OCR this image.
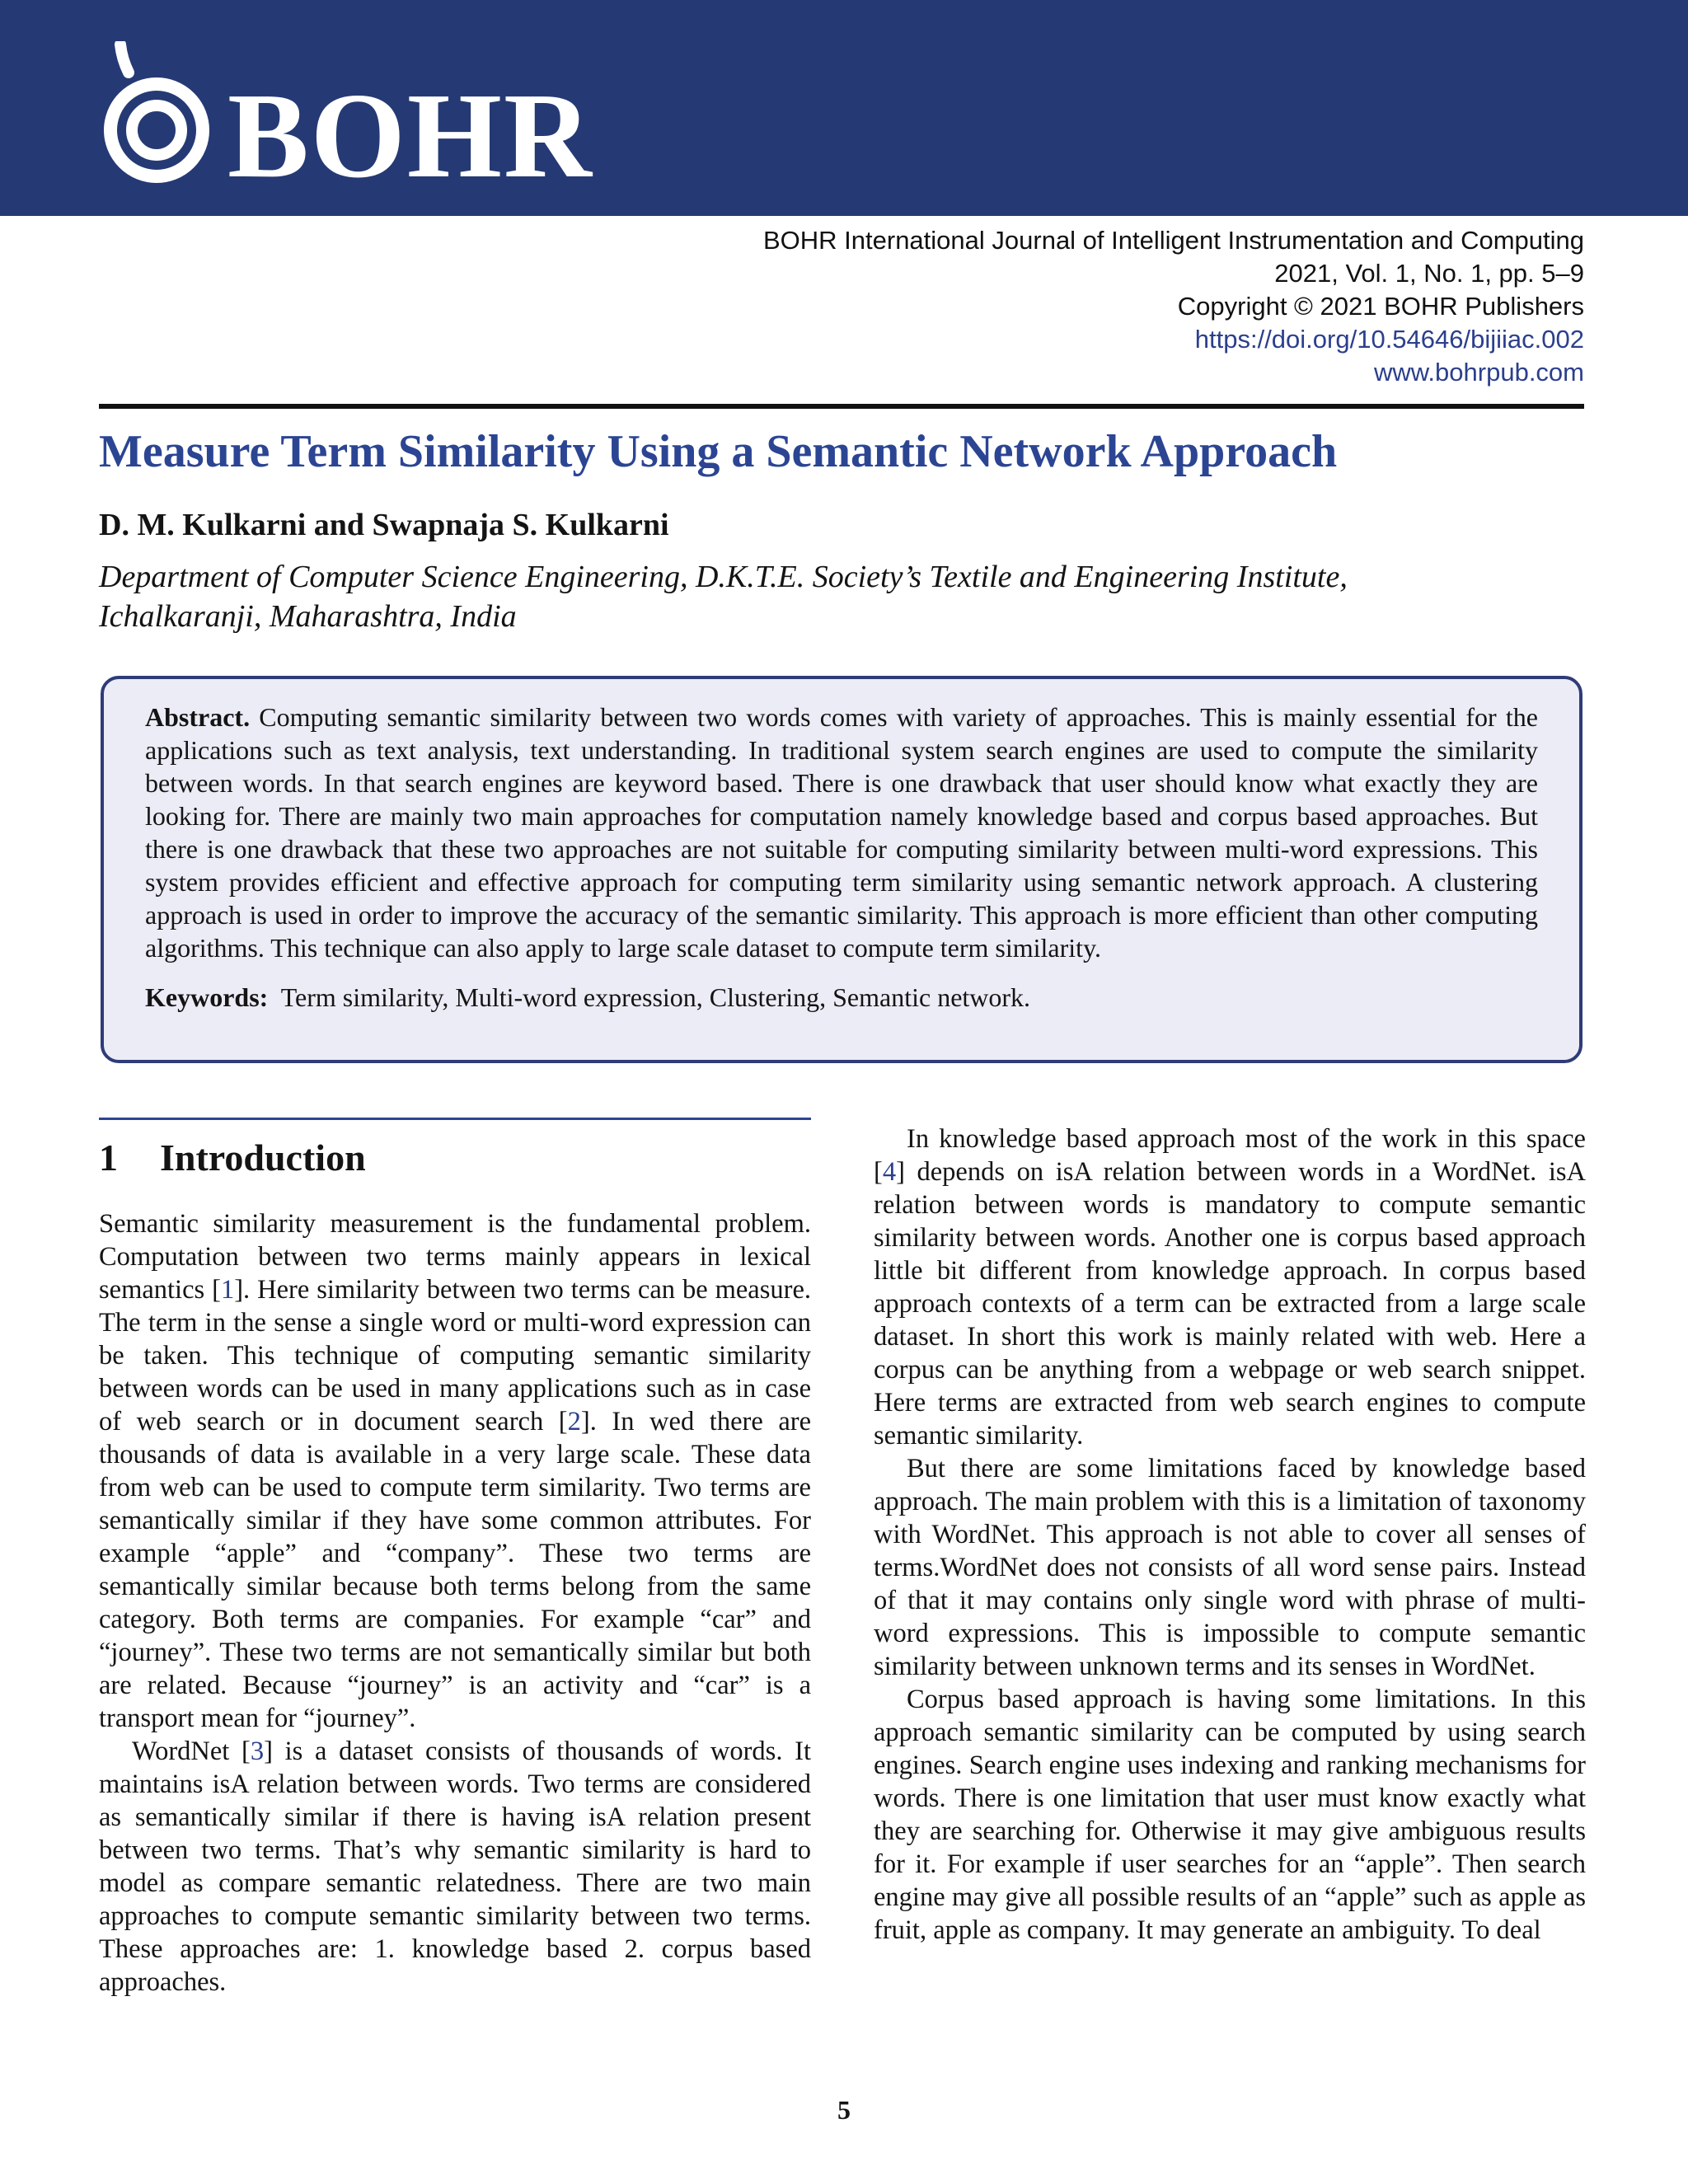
BOHR
BOHR International Journal of Intelligent Instrumentation and Computing
2021, Vol. 1, No. 1, pp. 5–9
Copyright © 2021 BOHR Publishers
https://doi.org/10.54646/bijiiac.002
www.bohrpub.com
Measure Term Similarity Using a Semantic Network Approach
D. M. Kulkarni and Swapnaja S. Kulkarni
Department of Computer Science Engineering, D.K.T.E. Society’s Textile and Engineering Institute,
Ichalkaranji, Maharashtra, India

Abstract. Computing semantic similarity between two words comes with variety of approaches. This is mainly essential for the applications such as text analysis, text understanding. In traditional system search engines are used to compute the similarity between words. In that search engines are keyword based. There is one drawback that user should know what exactly they are looking for. There are mainly two main approaches for computation namely knowledge based and corpus based approaches. But there is one drawback that these two approaches are not suitable for computing similarity between multi-word expressions. This system provides efficient and effective approach for computing term similarity using semantic network approach. A clustering approach is used in order to improve the accuracy of the semantic similarity. This approach is more efficient than other computing algorithms. This technique can also apply to large scale dataset to compute term similarity.

Keywords: Term similarity, Multi-word expression, Clustering, Semantic network.

1 Introduction

Semantic similarity measurement is the fundamental problem. Computation between two terms mainly appears in lexical semantics [1]. Here similarity between two terms can be measure. The term in the sense a single word or multi-word expression can be taken. This technique of computing semantic similarity between words can be used in many applications such as in case of web search or in document search [2]. In wed there are thousands of data is available in a very large scale. These data from web can be used to compute term similarity. Two terms are semantically similar if they have some common attributes. For example “apple” and “company”. These two terms are semantically similar because both terms belong from the same category. Both terms are companies. For example “car” and “journey”. These two terms are not semantically similar but both are related. Because “journey” is an activity and “car” is a transport mean for “journey”.

WordNet [3] is a dataset consists of thousands of words. It maintains isA relation between words. Two terms are considered as semantically similar if there is having isA relation present between two terms. That’s why semantic similarity is hard to model as compare semantic relatedness. There are two main approaches to compute semantic similarity between two terms. These approaches are: 1. knowledge based 2. corpus based approaches.

In knowledge based approach most of the work in this space [4] depends on isA relation between words in a WordNet. isA relation between words is mandatory to compute semantic similarity between words. Another one is corpus based approach little bit different from knowledge approach. In corpus based approach contexts of a term can be extracted from a large scale dataset. In short this work is mainly related with web. Here a corpus can be anything from a webpage or web search snippet. Here terms are extracted from web search engines to compute semantic similarity.

But there are some limitations faced by knowledge based approach. The main problem with this is a limitation of taxonomy with WordNet. This approach is not able to cover all senses of terms.WordNet does not consists of all word sense pairs. Instead of that it may contains only single word with phrase of multi-word expressions. This is impossible to compute semantic similarity between unknown terms and its senses in WordNet.

Corpus based approach is having some limitations. In this approach semantic similarity can be computed by using search engines. Search engine uses indexing and ranking mechanisms for words. There is one limitation that user must know exactly what they are searching for. Otherwise it may give ambiguous results for it. For example if user searches for an “apple”. Then search engine may give all possible results of an “apple” such as apple as fruit, apple as company. It may generate an ambiguity. To deal

5
